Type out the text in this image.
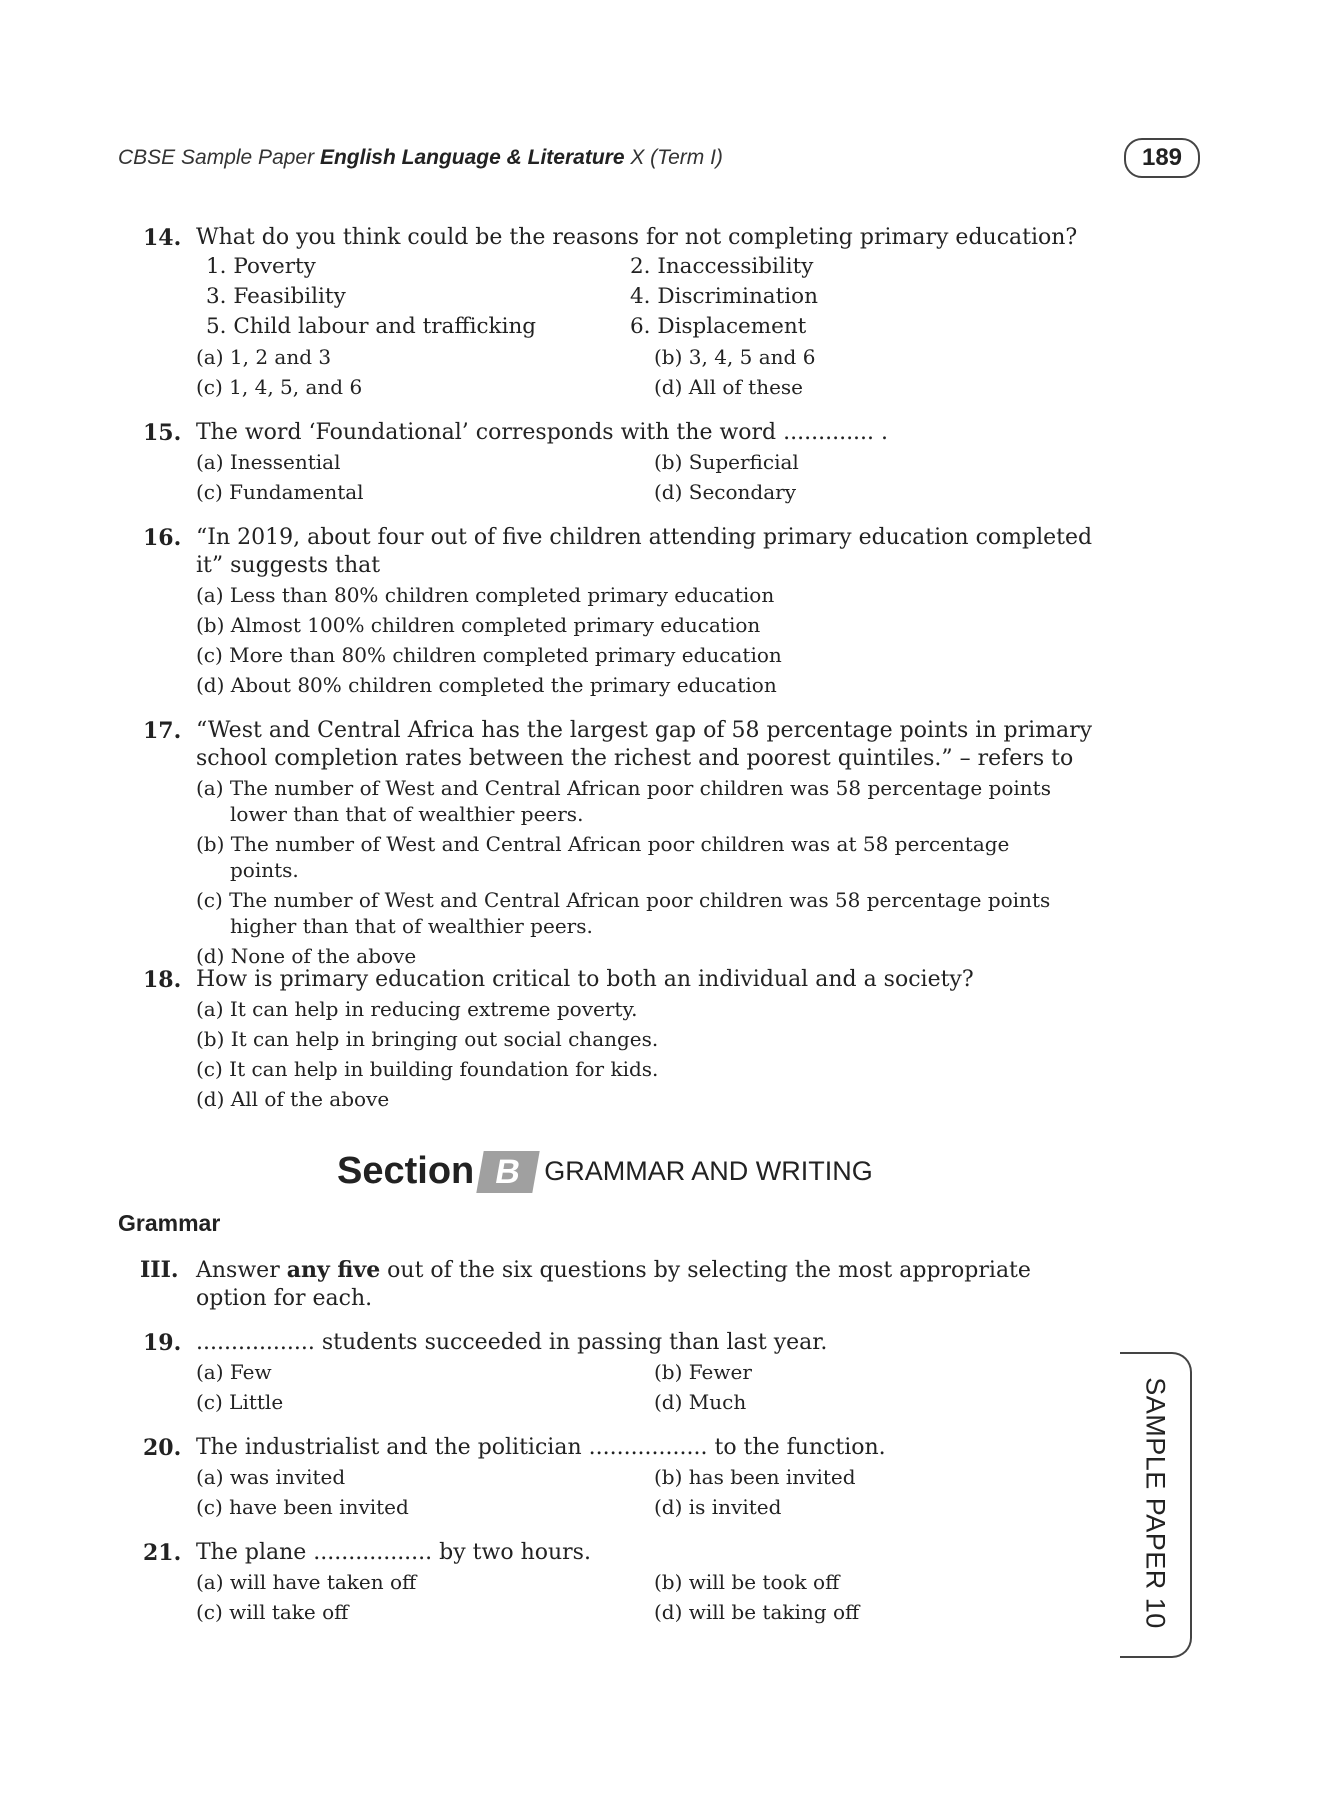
CBSE Sample Paper English Language & Literature X (Term I)	189
SAMPLE PAPER 10
14. What do you think could be the reasons for not completing primary education?
1. Poverty	2. Inaccessibility
3. Feasibility	4. Discrimination
5. Child labour and trafficking	6. Displacement
(a) 1, 2 and 3	(b) 3, 4, 5 and 6
(c) 1, 4, 5, and 6	(d) All of these
15. The word ‘Foundational’ corresponds with the word ............. .
(a) Inessential	(b) Superficial
(c) Fundamental	(d) Secondary
16. “In 2019, about four out of five children attending primary education completed it” suggests that
(a) Less than 80% children completed primary education
(b) Almost 100% children completed primary education
(c) More than 80% children completed primary education
(d) About 80% children completed the primary education
17. “West and Central Africa has the largest gap of 58 percentage points in primary school completion rates between the richest and poorest quintiles.” – refers to
(a) The number of West and Central African poor children was 58 percentage points lower than that of wealthier peers.
(b) The number of West and Central African poor children was at 58 percentage points.
(c) The number of West and Central African poor children was 58 percentage points higher than that of wealthier peers.
(d) None of the above
18. How is primary education critical to both an individual and a society?
(a) It can help in reducing extreme poverty.
(b) It can help in bringing out social changes.
(c) It can help in building foundation for kids.
(d) All of the above
Section B GRAMMAR AND WRITING
Grammar
III. Answer any five out of the six questions by selecting the most appropriate option for each.
19. ................. students succeeded in passing than last year.
(a) Few	(b) Fewer
(c) Little	(d) Much
20. The industrialist and the politician ................. to the function.
(a) was invited	(b) has been invited
(c) have been invited	(d) is invited
21. The plane ................. by two hours.
(a) will have taken off	(b) will be took off
(c) will take off	(d) will be taking off
